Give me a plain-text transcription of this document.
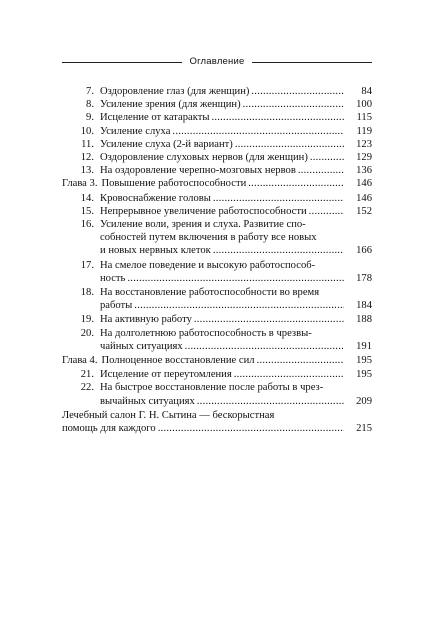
Оглавление
7. Оздоровление глаз (для женщин) . . .	84
8. Усиление зрения (для женщин) . . .	100
9. Исцеление от катаракты . . .	115
10. Усиление слуха . . .	119
11. Усиление слуха (2-й вариант) . . .	123
12. Оздоровление слуховых нервов (для женщин) . . .	129
13. На оздоровление черепно-мозговых нервов . . .	136
Глава 3. Повышение работоспособности . . .	146
14. Кровоснабжение головы . . .	146
15. Непрерывное увеличение работоспособности . . .	152
16. Усиление воли, зрения и слуха. Развитие спо-
собностей путем включения в работу все новых
и новых нервных клеток . . .	166
17. На смелое поведение и высокую работоспособ-
ность . . .	178
18. На восстановление работоспособности во время
работы . . .	184
19. На активную работу . . .	188
20. На долголетнюю работоспособность в чрезвы-
чайных ситуациях . . .	191
Глава 4. Полноценное восстановление сил . . .	195
21. Исцеление от переутомления . . .	195
22. На быстрое восстановление после работы в чрез-
вычайных ситуациях . . .	209
Лечебный салон Г. Н. Сытина — бескорыстная
помощь для каждого . . .	215
